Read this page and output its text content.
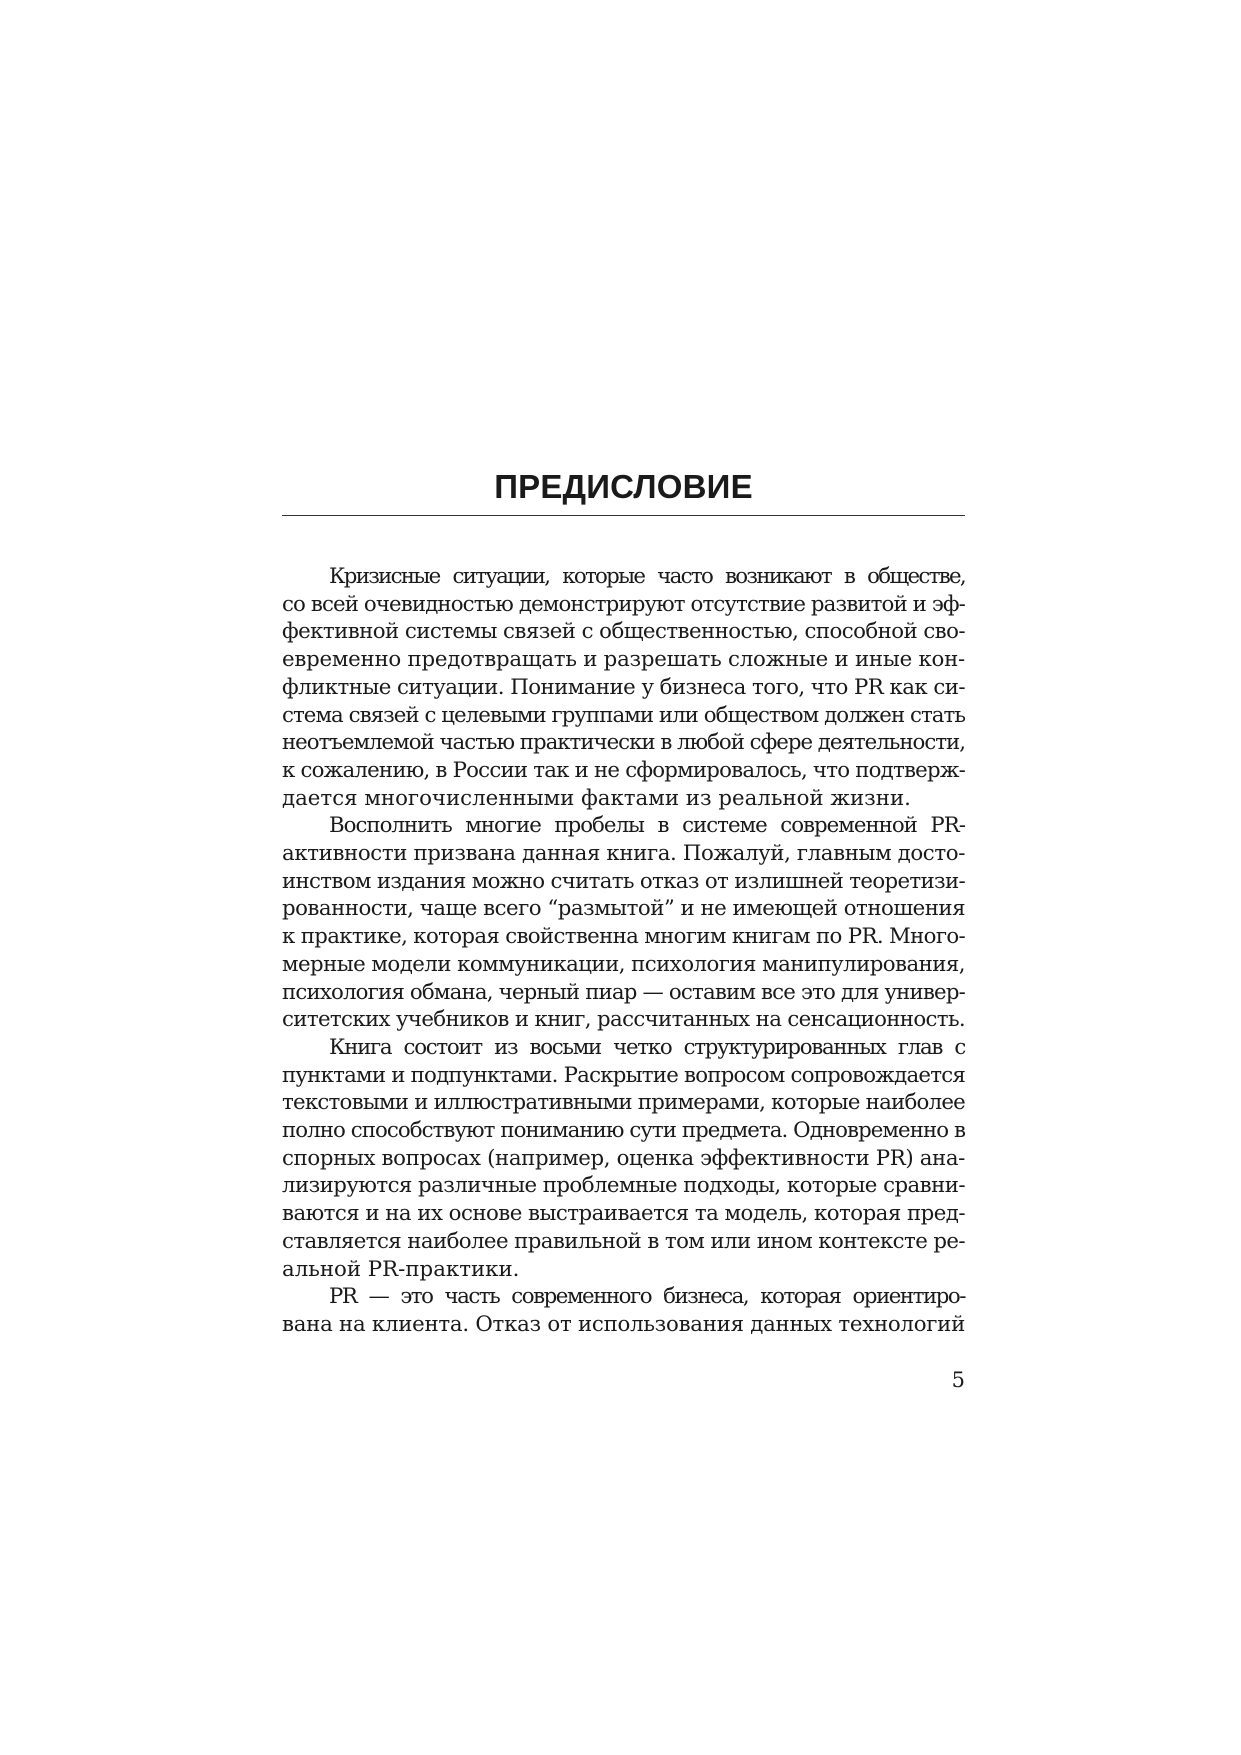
ПРЕДИСЛОВИЕ

Кризисные ситуации, которые часто возникают в обществе,
со всей очевидностью демонстрируют отсутствие развитой и эф-
фективной системы связей с общественностью, способной сво-
евременно предотвращать и разрешать сложные и иные кон-
фликтные ситуации. Понимание у бизнеса того, что PR как си-
стема связей с целевыми группами или обществом должен стать
неотъемлемой частью практически в любой сфере деятельности,
к сожалению, в России так и не сформировалось, что подтверж-
дается многочисленными фактами из реальной жизни.

Восполнить многие пробелы в системе современной PR-
активности призвана данная книга. Пожалуй, главным досто-
инством издания можно считать отказ от излишней теоретизи-
рованности, чаще всего “размытой” и не имеющей отношения
к практике, которая свойственна многим книгам по PR. Много-
мерные модели коммуникации, психология манипулирования,
психология обмана, черный пиар — оставим все это для универ-
ситетских учебников и книг, рассчитанных на сенсационность.

Книга состоит из восьми четко структурированных глав с
пунктами и подпунктами. Раскрытие вопросом сопровождается
текстовыми и иллюстративными примерами, которые наиболее
полно способствуют пониманию сути предмета. Одновременно в
спорных вопросах (например, оценка эффективности PR) ана-
лизируются различные проблемные подходы, которые сравни-
ваются и на их основе выстраивается та модель, которая пред-
ставляется наиболее правильной в том или ином контексте ре-
альной PR-практики.

PR — это часть современного бизнеса, которая ориентиро-
вана на клиента. Отказ от использования данных технологий

5
